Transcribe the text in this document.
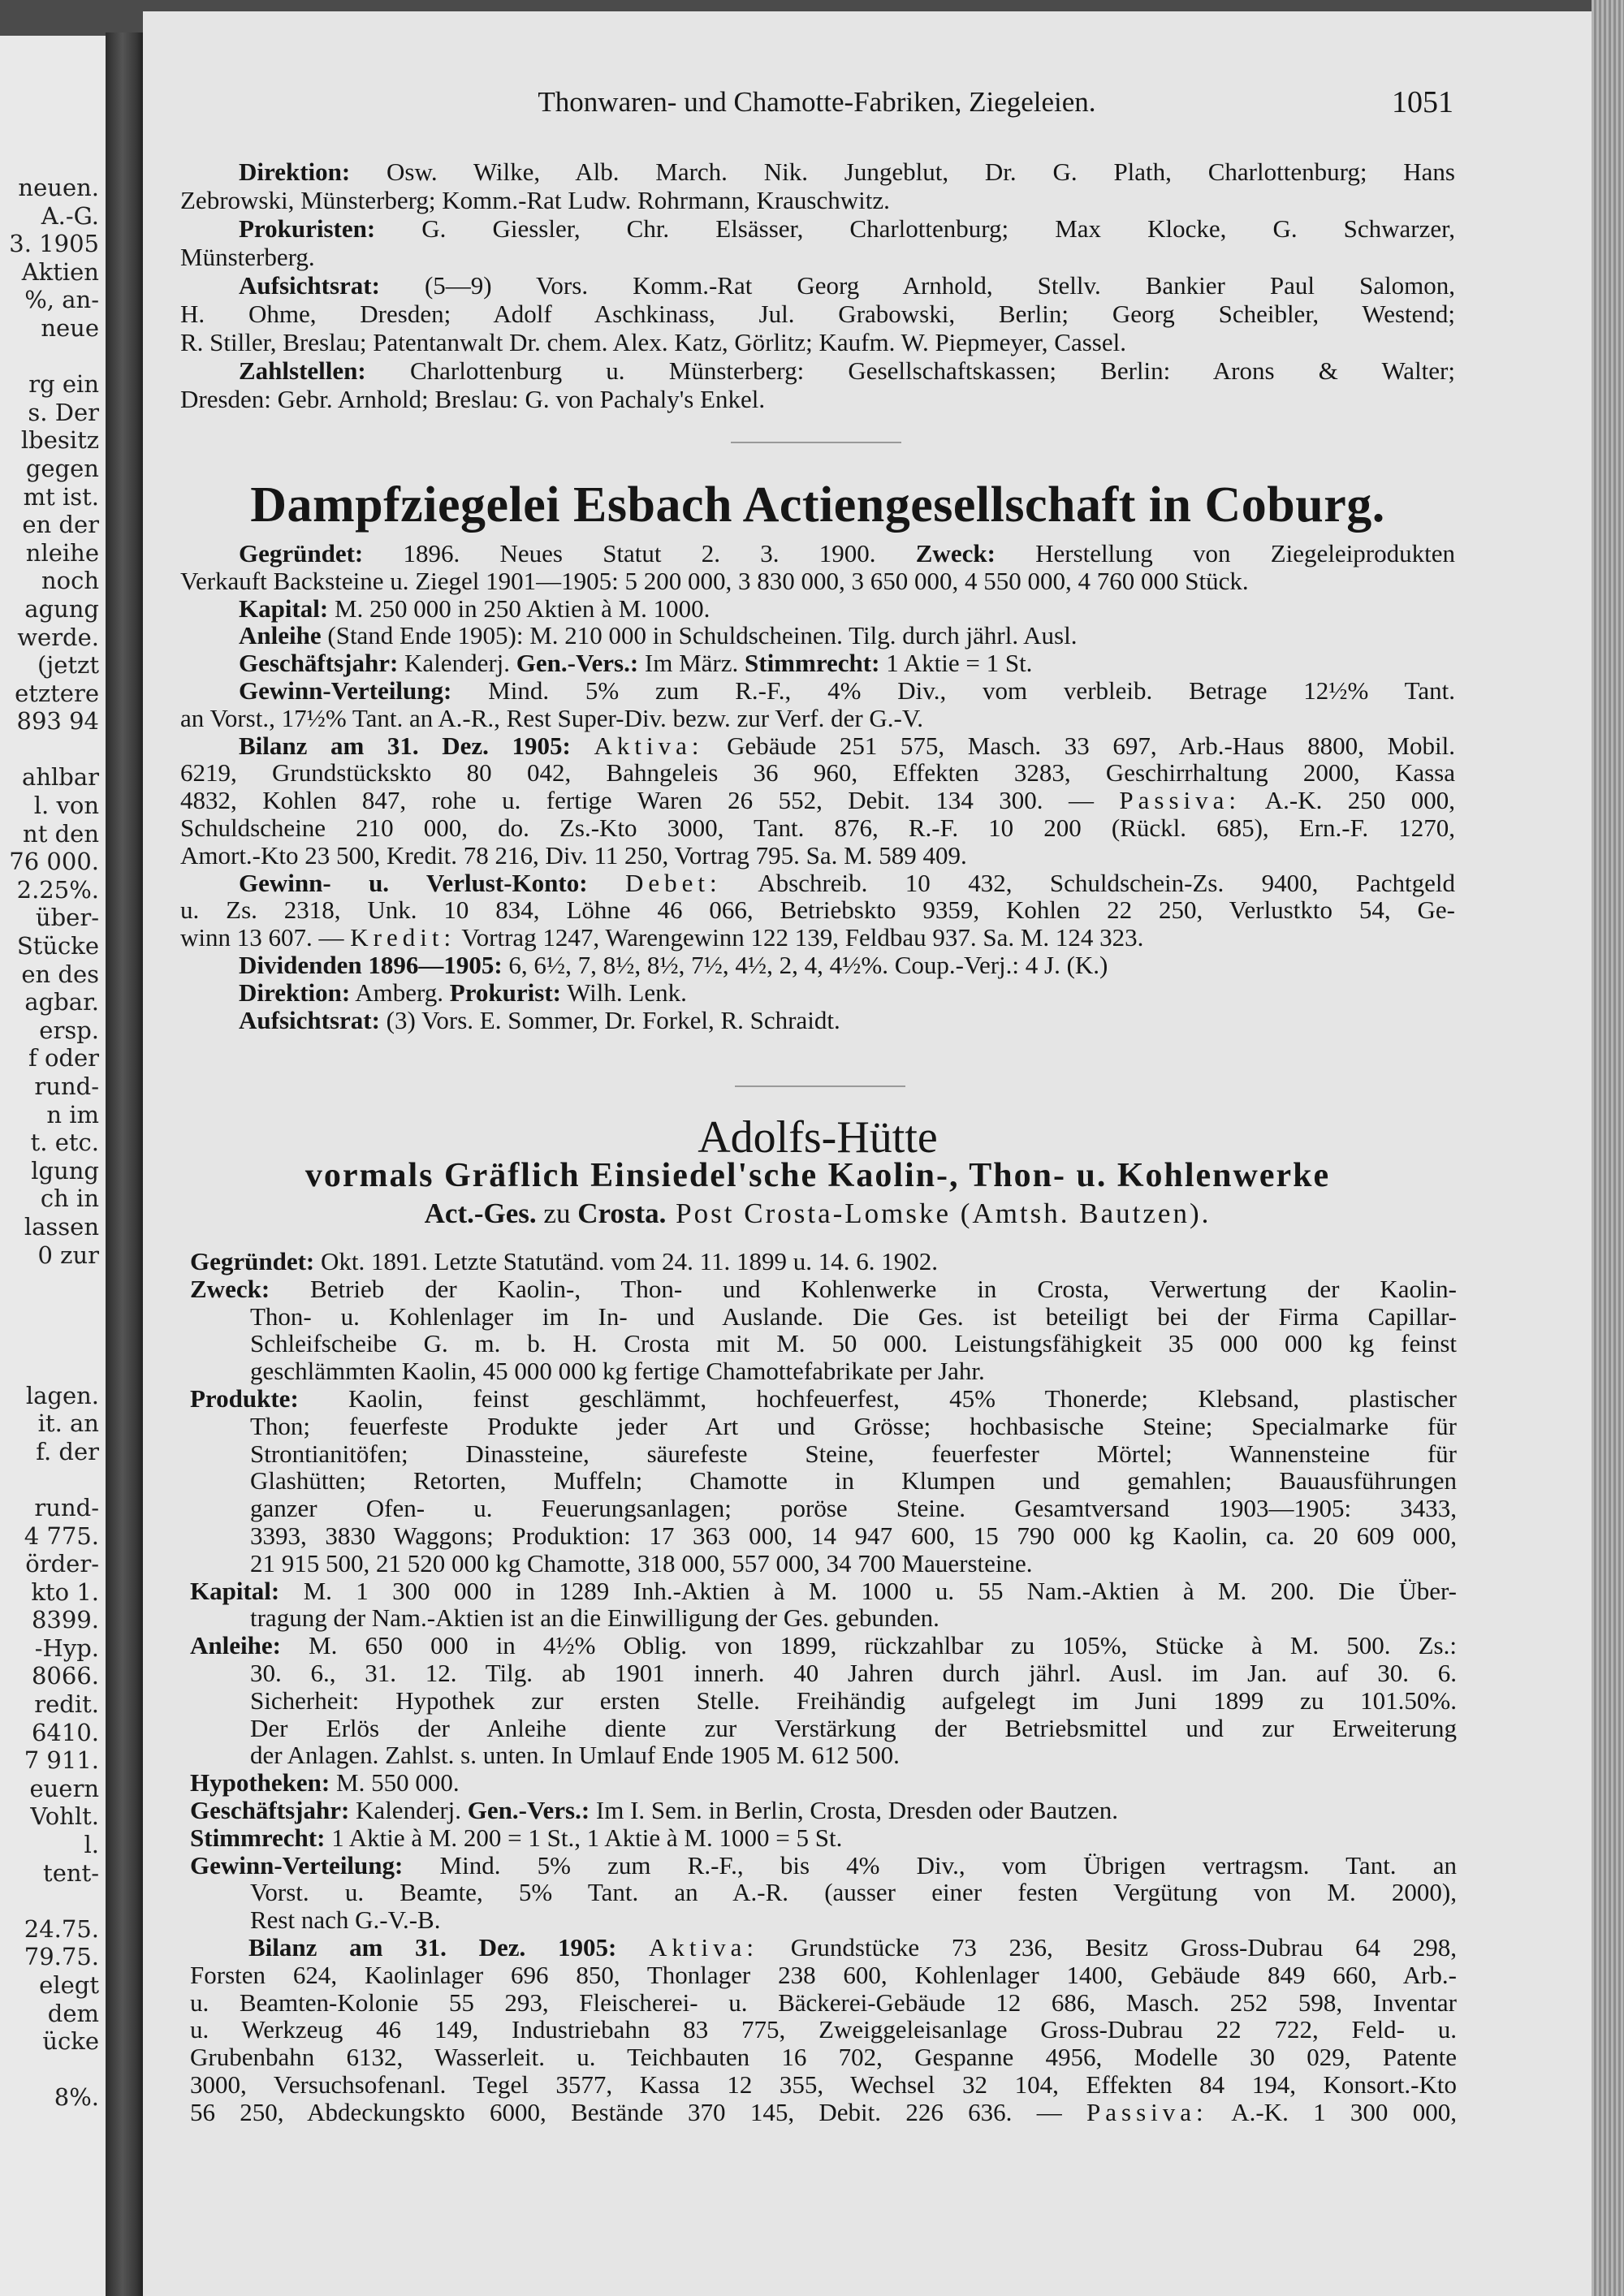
neuen.
A.-G.
3. 1905
Aktien
%, an-
neue
rg ein
s. Der
lbesitz
gegen
mt ist.
en der
nleihe
noch
agung
werde.
(jetzt
etztere
893 94
ahlbar
l. von
nt den
76 000.
2.25%.
über-
Stücke
en des
agbar.
ersp.
f oder
rund-
n im
t. etc.
lgung
ch in
lassen
0 zur
lagen.
it. an
f. der
rund-
4 775.
örder-
kto 1.
8399.
-Hyp.
8066.
redit.
6410.
7 911.
euern
Vohlt.
l.
tent-
24.75.
79.75.
elegt
dem
ücke
8%.
Thonwaren- und Chamotte-Fabriken, Ziegeleien.	1051
Direktion: Osw. Wilke, Alb. March. Nik. Jungeblut, Dr. G. Plath, Charlottenburg; Hans
Zebrowski, Münsterberg; Komm.-Rat Ludw. Rohrmann, Krauschwitz.
Prokuristen: G. Giessler, Chr. Elsässer, Charlottenburg; Max Klocke, G. Schwarzer,
Münsterberg.
Aufsichtsrat: (5—9) Vors. Komm.-Rat Georg Arnhold, Stellv. Bankier Paul Salomon,
H. Ohme, Dresden; Adolf Aschkinass, Jul. Grabowski, Berlin; Georg Scheibler, Westend;
R. Stiller, Breslau; Patentanwalt Dr. chem. Alex. Katz, Görlitz; Kaufm. W. Piepmeyer, Cassel.
Zahlstellen: Charlottenburg u. Münsterberg: Gesellschaftskassen; Berlin: Arons & Walter;
Dresden: Gebr. Arnhold; Breslau: G. von Pachaly's Enkel.
Dampfziegelei Esbach Actiengesellschaft in Coburg.
Gegründet: 1896. Neues Statut 2. 3. 1900. Zweck: Herstellung von Ziegeleiprodukten
Verkauft Backsteine u. Ziegel 1901—1905: 5 200 000, 3 830 000, 3 650 000, 4 550 000, 4 760 000 Stück.
Kapital: M. 250 000 in 250 Aktien à M. 1000.
Anleihe (Stand Ende 1905): M. 210 000 in Schuldscheinen. Tilg. durch jährl. Ausl.
Geschäftsjahr: Kalenderj. Gen.-Vers.: Im März. Stimmrecht: 1 Aktie = 1 St.
Gewinn-Verteilung: Mind. 5% zum R.-F., 4% Div., vom verbleib. Betrage 12½% Tant.
an Vorst., 17½% Tant. an A.-R., Rest Super-Div. bezw. zur Verf. der G.-V.
Bilanz am 31. Dez. 1905: Aktiva: Gebäude 251 575, Masch. 33 697, Arb.-Haus 8800, Mobil.
6219, Grundstückskto 80 042, Bahngeleis 36 960, Effekten 3283, Geschirrhaltung 2000, Kassa
4832, Kohlen 847, rohe u. fertige Waren 26 552, Debit. 134 300. — Passiva: A.-K. 250 000,
Schuldscheine 210 000, do. Zs.-Kto 3000, Tant. 876, R.-F. 10 200 (Rückl. 685), Ern.-F. 1270,
Amort.-Kto 23 500, Kredit. 78 216, Div. 11 250, Vortrag 795. Sa. M. 589 409.
Gewinn- u. Verlust-Konto: Debet: Abschreib. 10 432, Schuldschein-Zs. 9400, Pachtgeld
u. Zs. 2318, Unk. 10 834, Löhne 46 066, Betriebskto 9359, Kohlen 22 250, Verlustkto 54, Ge-
winn 13 607. — Kredit: Vortrag 1247, Warengewinn 122 139, Feldbau 937. Sa. M. 124 323.
Dividenden 1896—1905: 6, 6½, 7, 8½, 8½, 7½, 4½, 2, 4, 4½%. Coup.-Verj.: 4 J. (K.)
Direktion: Amberg. Prokurist: Wilh. Lenk.
Aufsichtsrat: (3) Vors. E. Sommer, Dr. Forkel, R. Schraidt.
Adolfs-Hütte
vormals Gräflich Einsiedel'sche Kaolin-, Thon- u. Kohlenwerke
Act.-Ges. zu Crosta. Post Crosta-Lomske (Amtsh. Bautzen).
Gegründet: Okt. 1891. Letzte Statutänd. vom 24. 11. 1899 u. 14. 6. 1902.
Zweck: Betrieb der Kaolin-, Thon- und Kohlenwerke in Crosta, Verwertung der Kaolin-
Thon- u. Kohlenlager im In- und Auslande. Die Ges. ist beteiligt bei der Firma Capillar-
Schleifscheibe G. m. b. H. Crosta mit M. 50 000. Leistungsfähigkeit 35 000 000 kg feinst
geschlämmten Kaolin, 45 000 000 kg fertige Chamottefabrikate per Jahr.
Produkte: Kaolin, feinst geschlämmt, hochfeuerfest, 45% Thonerde; Klebsand, plastischer
Thon; feuerfeste Produkte jeder Art und Grösse; hochbasische Steine; Specialmarke für
Strontianitöfen; Dinassteine, säurefeste Steine, feuerfester Mörtel; Wannensteine für
Glashütten; Retorten, Muffeln; Chamotte in Klumpen und gemahlen; Bauausführungen
ganzer Ofen- u. Feuerungsanlagen; poröse Steine. Gesamtversand 1903—1905: 3433,
3393, 3830 Waggons; Produktion: 17 363 000, 14 947 600, 15 790 000 kg Kaolin, ca. 20 609 000,
21 915 500, 21 520 000 kg Chamotte, 318 000, 557 000, 34 700 Mauersteine.
Kapital: M. 1 300 000 in 1289 Inh.-Aktien à M. 1000 u. 55 Nam.-Aktien à M. 200. Die Über-
tragung der Nam.-Aktien ist an die Einwilligung der Ges. gebunden.
Anleihe: M. 650 000 in 4½% Oblig. von 1899, rückzahlbar zu 105%, Stücke à M. 500. Zs.:
30. 6., 31. 12. Tilg. ab 1901 innerh. 40 Jahren durch jährl. Ausl. im Jan. auf 30. 6.
Sicherheit: Hypothek zur ersten Stelle. Freihändig aufgelegt im Juni 1899 zu 101.50%.
Der Erlös der Anleihe diente zur Verstärkung der Betriebsmittel und zur Erweiterung
der Anlagen. Zahlst. s. unten. In Umlauf Ende 1905 M. 612 500.
Hypotheken: M. 550 000.
Geschäftsjahr: Kalenderj. Gen.-Vers.: Im I. Sem. in Berlin, Crosta, Dresden oder Bautzen.
Stimmrecht: 1 Aktie à M. 200 = 1 St., 1 Aktie à M. 1000 = 5 St.
Gewinn-Verteilung: Mind. 5% zum R.-F., bis 4% Div., vom Übrigen vertragsm. Tant. an
Vorst. u. Beamte, 5% Tant. an A.-R. (ausser einer festen Vergütung von M. 2000),
Rest nach G.-V.-B.
Bilanz am 31. Dez. 1905: Aktiva: Grundstücke 73 236, Besitz Gross-Dubrau 64 298,
Forsten 624, Kaolinlager 696 850, Thonlager 238 600, Kohlenlager 1400, Gebäude 849 660, Arb.-
u. Beamten-Kolonie 55 293, Fleischerei- u. Bäckerei-Gebäude 12 686, Masch. 252 598, Inventar
u. Werkzeug 46 149, Industriebahn 83 775, Zweiggeleisanlage Gross-Dubrau 22 722, Feld- u.
Grubenbahn 6132, Wasserleit. u. Teichbauten 16 702, Gespanne 4956, Modelle 30 029, Patente
3000, Versuchsofenanl. Tegel 3577, Kassa 12 355, Wechsel 32 104, Effekten 84 194, Konsort.-Kto
56 250, Abdeckungskto 6000, Bestände 370 145, Debit. 226 636. — Passiva: A.-K. 1 300 000,
